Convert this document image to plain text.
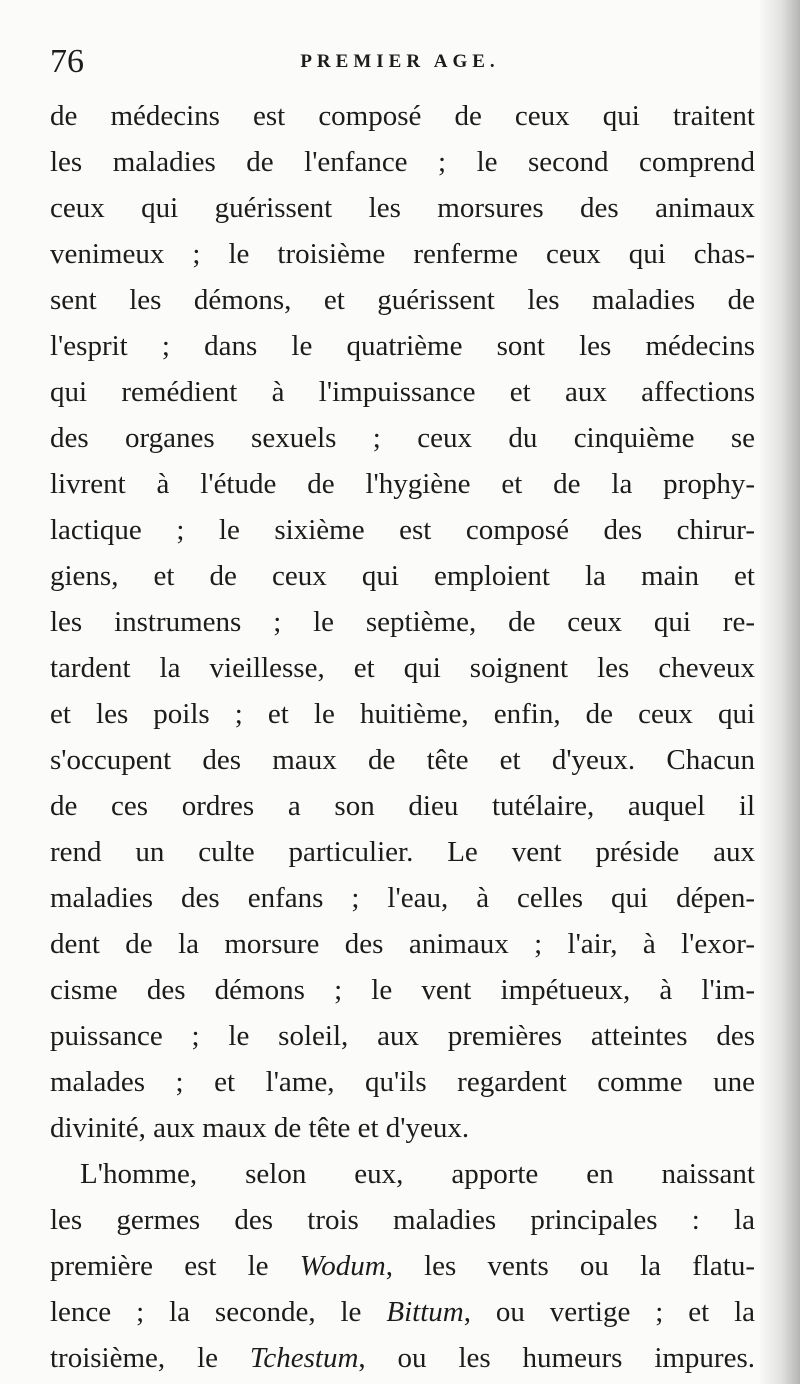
76	PREMIER AGE.
de médecins est composé de ceux qui traitent
les maladies de l'enfance ; le second comprend
ceux qui guérissent les morsures des animaux
venimeux ; le troisième renferme ceux qui chas-
sent les démons, et guérissent les maladies de
l'esprit ; dans le quatrième sont les médecins
qui remédient à l'impuissance et aux affections
des organes sexuels ; ceux du cinquième se
livrent à l'étude de l'hygiène et de la prophy-
lactique ; le sixième est composé des chirur-
giens, et de ceux qui emploient la main et
les instrumens ; le septième, de ceux qui re-
tardent la vieillesse, et qui soignent les cheveux
et les poils ; et le huitième, enfin, de ceux qui
s'occupent des maux de tête et d'yeux. Chacun
de ces ordres a son dieu tutélaire, auquel il
rend un culte particulier. Le vent préside aux
maladies des enfans ; l'eau, à celles qui dépen-
dent de la morsure des animaux ; l'air, à l'exor-
cisme des démons ; le vent impétueux, à l'im-
puissance ; le soleil, aux premières atteintes des
malades ; et l'ame, qu'ils regardent comme une
divinité, aux maux de tête et d'yeux.
L'homme, selon eux, apporte en naissant
les germes des trois maladies principales : la
première est le Wodum, les vents ou la flatu-
lence ; la seconde, le Bittum, ou vertige ; et la
troisième, le Tchestum, ou les humeurs impures.
